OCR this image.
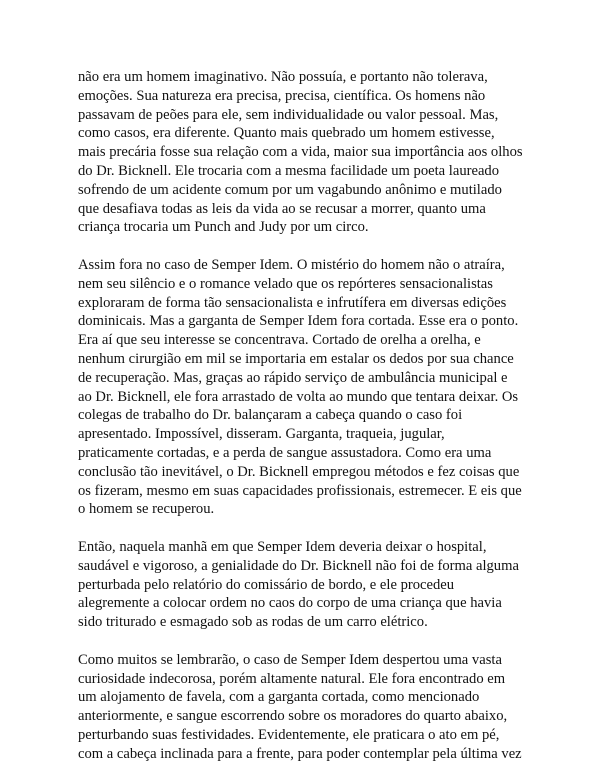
não era um homem imaginativo. Não possuía, e portanto não tolerava,
emoções. Sua natureza era precisa, precisa, científica. Os homens não
passavam de peões para ele, sem individualidade ou valor pessoal. Mas,
como casos, era diferente. Quanto mais quebrado um homem estivesse,
mais precária fosse sua relação com a vida, maior sua importância aos olhos
do Dr. Bicknell. Ele trocaria com a mesma facilidade um poeta laureado
sofrendo de um acidente comum por um vagabundo anônimo e mutilado
que desafiava todas as leis da vida ao se recusar a morrer, quanto uma
criança trocaria um Punch and Judy por um circo.
Assim fora no caso de Semper Idem. O mistério do homem não o atraíra,
nem seu silêncio e o romance velado que os repórteres sensacionalistas
exploraram de forma tão sensacionalista e infrutífera em diversas edições
dominicais. Mas a garganta de Semper Idem fora cortada. Esse era o ponto.
Era aí que seu interesse se concentrava. Cortado de orelha a orelha, e
nenhum cirurgião em mil se importaria em estalar os dedos por sua chance
de recuperação. Mas, graças ao rápido serviço de ambulância municipal e
ao Dr. Bicknell, ele fora arrastado de volta ao mundo que tentara deixar. Os
colegas de trabalho do Dr. balançaram a cabeça quando o caso foi
apresentado. Impossível, disseram. Garganta, traqueia, jugular,
praticamente cortadas, e a perda de sangue assustadora. Como era uma
conclusão tão inevitável, o Dr. Bicknell empregou métodos e fez coisas que
os fizeram, mesmo em suas capacidades profissionais, estremecer. E eis que
o homem se recuperou.
Então, naquela manhã em que Semper Idem deveria deixar o hospital,
saudável e vigoroso, a genialidade do Dr. Bicknell não foi de forma alguma
perturbada pelo relatório do comissário de bordo, e ele procedeu
alegremente a colocar ordem no caos do corpo de uma criança que havia
sido triturado e esmagado sob as rodas de um carro elétrico.
Como muitos se lembrarão, o caso de Semper Idem despertou uma vasta
curiosidade indecorosa, porém altamente natural. Ele fora encontrado em
um alojamento de favela, com a garganta cortada, como mencionado
anteriormente, e sangue escorrendo sobre os moradores do quarto abaixo,
perturbando suas festividades. Evidentemente, ele praticara o ato em pé,
com a cabeça inclinada para a frente, para poder contemplar pela última vez
